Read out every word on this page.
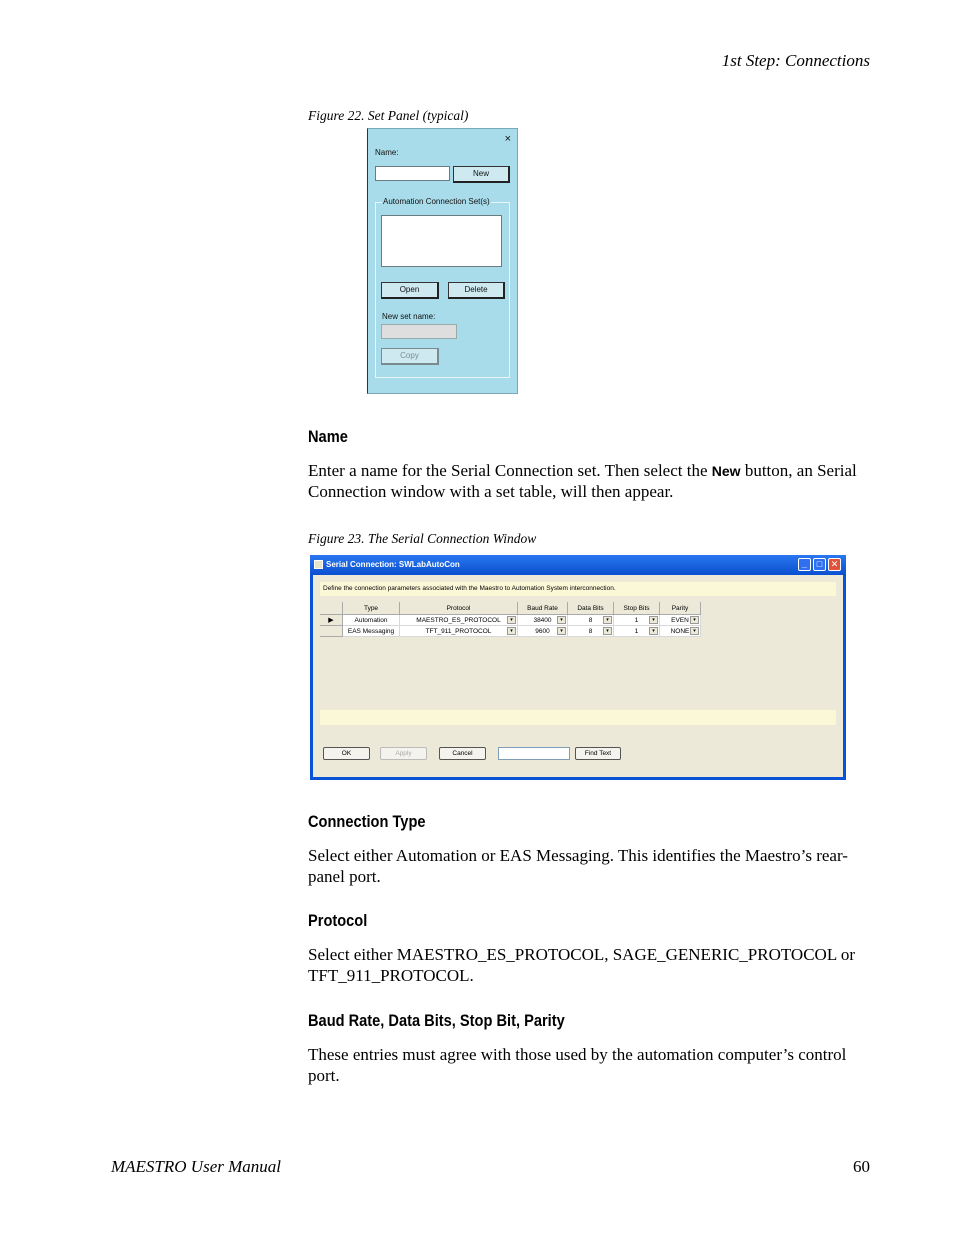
1st Step: Connections
Figure 22. Set Panel (typical)
×
Name:
New
Automation Connection Set(s)
Open	Delete
New set name:
Copy
Name
Enter a name for the Serial Connection set. Then select the New button, an Serial Connection window with a set table, will then appear.
Figure 23. The Serial Connection Window
Serial Connection: SWLabAutoCon	_	□ ✕
Define the connection parameters associated with the Maestro to Automation System interconnection.
Type	Protocol	Baud Rate	Data Bits	Stop Bits	Parity
▶	Automation	MAESTRO_ES_PROTOCOL	▾	38400	▾	8	▾	1	▾	EVEN ▾
EAS Messaging	TFT_911_PROTOCOL	▾	9600	▾	8	▾	1	▾	NONE ▾
OK	Apply	Cancel	Find Text
Connection Type
Select either Automation or EAS Messaging. This identifies the Maestro’s rear-panel port.
Protocol
Select either MAESTRO_ES_PROTOCOL, SAGE_GENERIC_PROTOCOL or TFT_911_PROTOCOL.
Baud Rate, Data Bits, Stop Bit, Parity
These entries must agree with those used by the automation computer’s control port.
MAESTRO User Manual	60
